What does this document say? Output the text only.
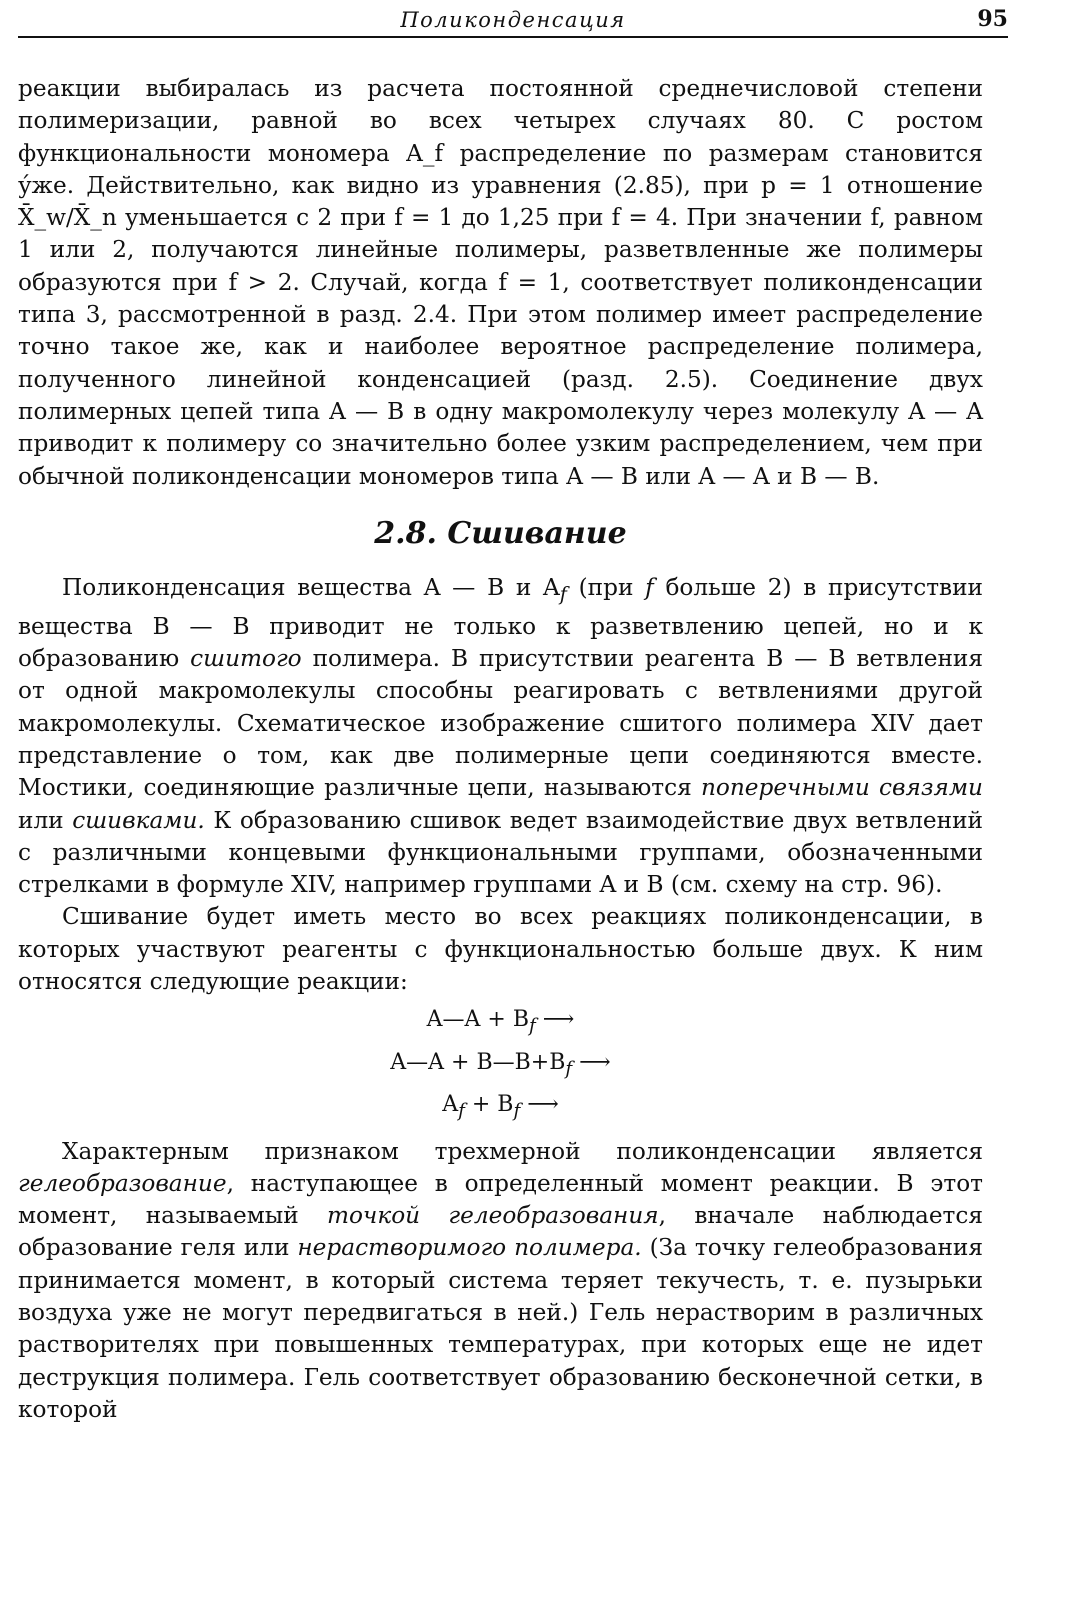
Поликонденсация	95

реакции выбиралась из расчета постоянной среднечисловой степени полимеризации, равной во всех четырех случаях 80. С ростом функциональности мономера A_f распределение по размерам становится у́же. Действительно, как видно из уравнения (2.85), при p = 1 отношение X̄_w/X̄_n уменьшается с 2 при f = 1 до 1,25 при f = 4. При значении f, равном 1 или 2, получаются линейные полимеры, разветвленные же полимеры образуются при f > 2. Случай, когда f = 1, соответствует поликонденсации типа 3, рассмотренной в разд. 2.4. При этом полимер имеет распределение точно такое же, как и наиболее вероятное распределение полимера, полученного линейной конденсацией (разд. 2.5). Соединение двух полимерных цепей типа A — B в одну макромолекулу через молекулу A — A приводит к полимеру со значительно более узким распределением, чем при обычной поликонденсации мономеров типа A — B или A — A и B — B.

2.8. Сшивание

Поликонденсация вещества A — B и $A_f$ (при f больше 2) в присутствии вещества B — B приводит не только к разветвлению цепей, но и к образованию сшитого полимера. В присутствии реагента B — B ветвления от одной макромолекулы способны реагировать с ветвлениями другой макромолекулы. Схематическое изображение сшитого полимера XIV дает представление о том, как две полимерные цепи соединяются вместе. Мостики, соединяющие различные цепи, называются поперечными связями или сшивками. К образованию сшивок ведет взаимодействие двух ветвлений с различными концевыми функциональными группами, обозначенными стрелками в формуле XIV, например группами A и B (см. схему на стр. 96).

Сшивание будет иметь место во всех реакциях поликонденсации, в которых участвуют реагенты с функциональностью больше двух. К ним относятся следующие реакции:

A—A + $B_f$ ⟶
A—A + $B—B+B_f$ ⟶
$A_f + B_f$ ⟶

Характерным признаком трехмерной поликонденсации является гелеобразование, наступающее в определенный момент реакции. В этот момент, называемый точкой гелеобразования, вначале наблюдается образование геля или нерастворимого полимера. (За точку гелеобразования принимается момент, в который система теряет текучесть, т. е. пузырьки воздуха уже не могут передвигаться в ней.) Гель нерастворим в различных растворителях при повышенных температурах, при которых еще не идет деструкция полимера. Гель соответствует образованию бесконечной сетки, в которой
